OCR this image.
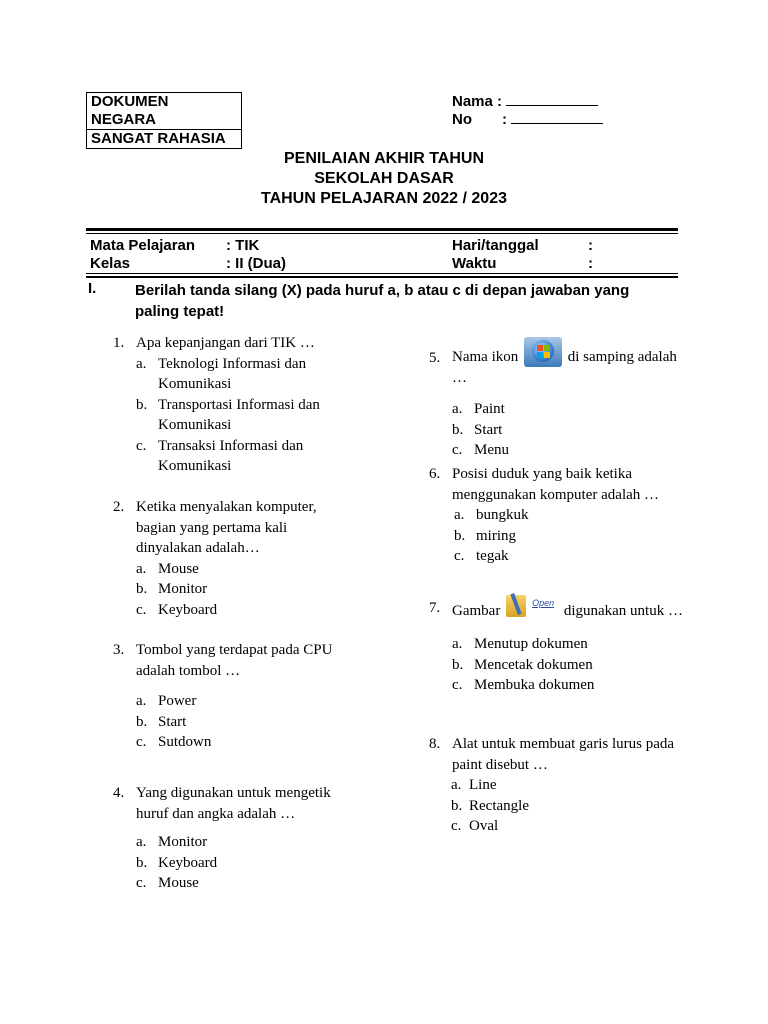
DOKUMEN NEGARA
SANGAT RAHASIA
Nama :
No :
PENILAIAN AKHIR TAHUN
SEKOLAH DASAR
TAHUN PELAJARAN 2022 / 2023
Mata Pelajaran : TIK	Hari/tanggal	:
Kelas	: II (Dua)	Waktu	:
I.	Berilah tanda silang (X) pada huruf a, b atau c di depan jawaban yang paling tepat!
1. Apa kepanjangan dari TIK …
a. Teknologi Informasi dan Komunikasi
b. Transportasi Informasi dan Komunikasi
c. Transaksi Informasi dan Komunikasi
2. Ketika menyalakan komputer, bagian yang pertama kali dinyalakan adalah…
a. Mouse
b. Monitor
c. Keyboard
3. Tombol yang terdapat pada CPU adalah tombol …
a. Power
b. Start
c. Sutdown
4. Yang digunakan untuk mengetik huruf dan angka adalah …
a. Monitor
b. Keyboard
c. Mouse
5. Nama ikon	di samping adalah …
a. Paint
b. Start
c. Menu
6. Posisi duduk yang baik ketika menggunakan komputer adalah …
a. bungkuk
b. miring
c. tegak
7. Gambar	Open digunakan untuk …
a. Menutup dokumen
b. Mencetak dokumen
c. Membuka dokumen
8. Alat untuk membuat garis lurus pada paint disebut …
a. Line
b. Rectangle
c. Oval
